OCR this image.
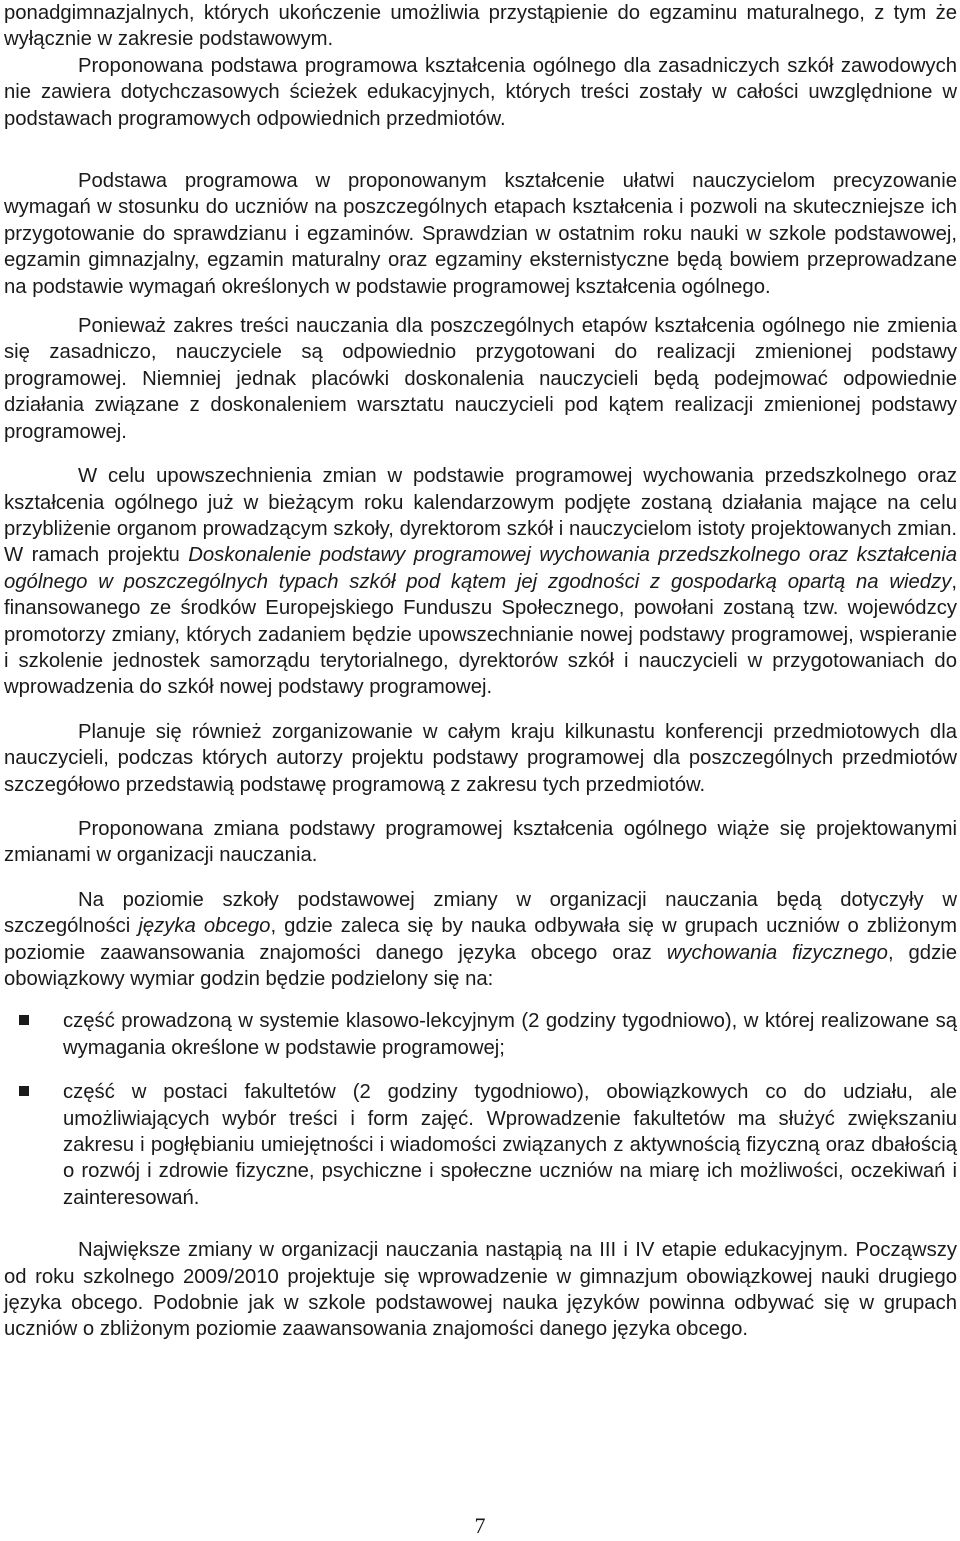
ponadgimnazjalnych, których ukończenie umożliwia przystąpienie do egzaminu maturalnego, z tym że wyłącznie w zakresie podstawowym.

Proponowana podstawa programowa kształcenia ogólnego dla zasadniczych szkół zawodowych nie zawiera dotychczasowych ścieżek edukacyjnych, których treści zostały w całości uwzględnione w podstawach programowych odpowiednich przedmiotów.

Podstawa programowa w proponowanym kształcenie ułatwi nauczycielom precyzowanie wymagań w stosunku do uczniów na poszczególnych etapach kształcenia i pozwoli na skuteczniejsze ich przygotowanie do sprawdzianu i egzaminów. Sprawdzian w ostatnim roku nauki w szkole podstawowej, egzamin gimnazjalny, egzamin maturalny oraz egzaminy eksternistyczne będą bowiem przeprowadzane na podstawie wymagań określonych w podstawie programowej kształcenia ogólnego.

Ponieważ zakres treści nauczania dla poszczególnych etapów kształcenia ogólnego nie zmienia się zasadniczo, nauczyciele są odpowiednio przygotowani do realizacji zmienionej podstawy programowej. Niemniej jednak placówki doskonalenia nauczycieli będą podejmować odpowiednie działania związane z doskonaleniem warsztatu nauczycieli pod kątem realizacji zmienionej podstawy programowej.

W celu upowszechnienia zmian w podstawie programowej wychowania przedszkolnego oraz kształcenia ogólnego już w bieżącym roku kalendarzowym podjęte zostaną działania mające na celu przybliżenie organom prowadzącym szkoły, dyrektorom szkół i nauczycielom istoty projektowanych zmian. W ramach projektu Doskonalenie podstawy programowej wychowania przedszkolnego oraz kształcenia ogólnego w poszczególnych typach szkół pod kątem jej zgodności z gospodarką opartą na wiedzy, finansowanego ze środków Europejskiego Funduszu Społecznego, powołani zostaną tzw. wojewódzcy promotorzy zmiany, których zadaniem będzie upowszechnianie nowej podstawy programowej, wspieranie i szkolenie jednostek samorządu terytorialnego, dyrektorów szkół i nauczycieli w przygotowaniach do wprowadzenia do szkół nowej podstawy programowej.

Planuje się również zorganizowanie w całym kraju kilkunastu konferencji przedmiotowych dla nauczycieli, podczas których autorzy projektu podstawy programowej dla poszczególnych przedmiotów szczegółowo przedstawią podstawę programową z zakresu tych przedmiotów.

Proponowana zmiana podstawy programowej kształcenia ogólnego wiąże się projektowanymi zmianami w organizacji nauczania.

Na poziomie szkoły podstawowej zmiany w organizacji nauczania będą dotyczyły w szczególności języka obcego, gdzie zaleca się by nauka odbywała się w grupach uczniów o zbliżonym poziomie zaawansowania znajomości danego języka obcego oraz wychowania fizycznego, gdzie obowiązkowy wymiar godzin będzie podzielony się na:

część prowadzoną w systemie klasowo-lekcyjnym (2 godziny tygodniowo), w której realizowane są wymagania określone w podstawie programowej;
część w postaci fakultetów (2 godziny tygodniowo), obowiązkowych co do udziału, ale umożliwiających wybór treści i form zajęć. Wprowadzenie fakultetów ma służyć zwiększaniu zakresu i pogłębianiu umiejętności i wiadomości związanych z aktywnością fizyczną oraz dbałością o rozwój i zdrowie fizyczne, psychiczne i społeczne uczniów na miarę ich możliwości, oczekiwań i zainteresowań.

Największe zmiany w organizacji nauczania nastąpią na III i IV etapie edukacyjnym. Począwszy od roku szkolnego 2009/2010 projektuje się wprowadzenie w gimnazjum obowiązkowej nauki drugiego języka obcego. Podobnie jak w szkole podstawowej nauka języków powinna odbywać się w grupach uczniów o zbliżonym poziomie zaawansowania znajomości danego języka obcego.

7
